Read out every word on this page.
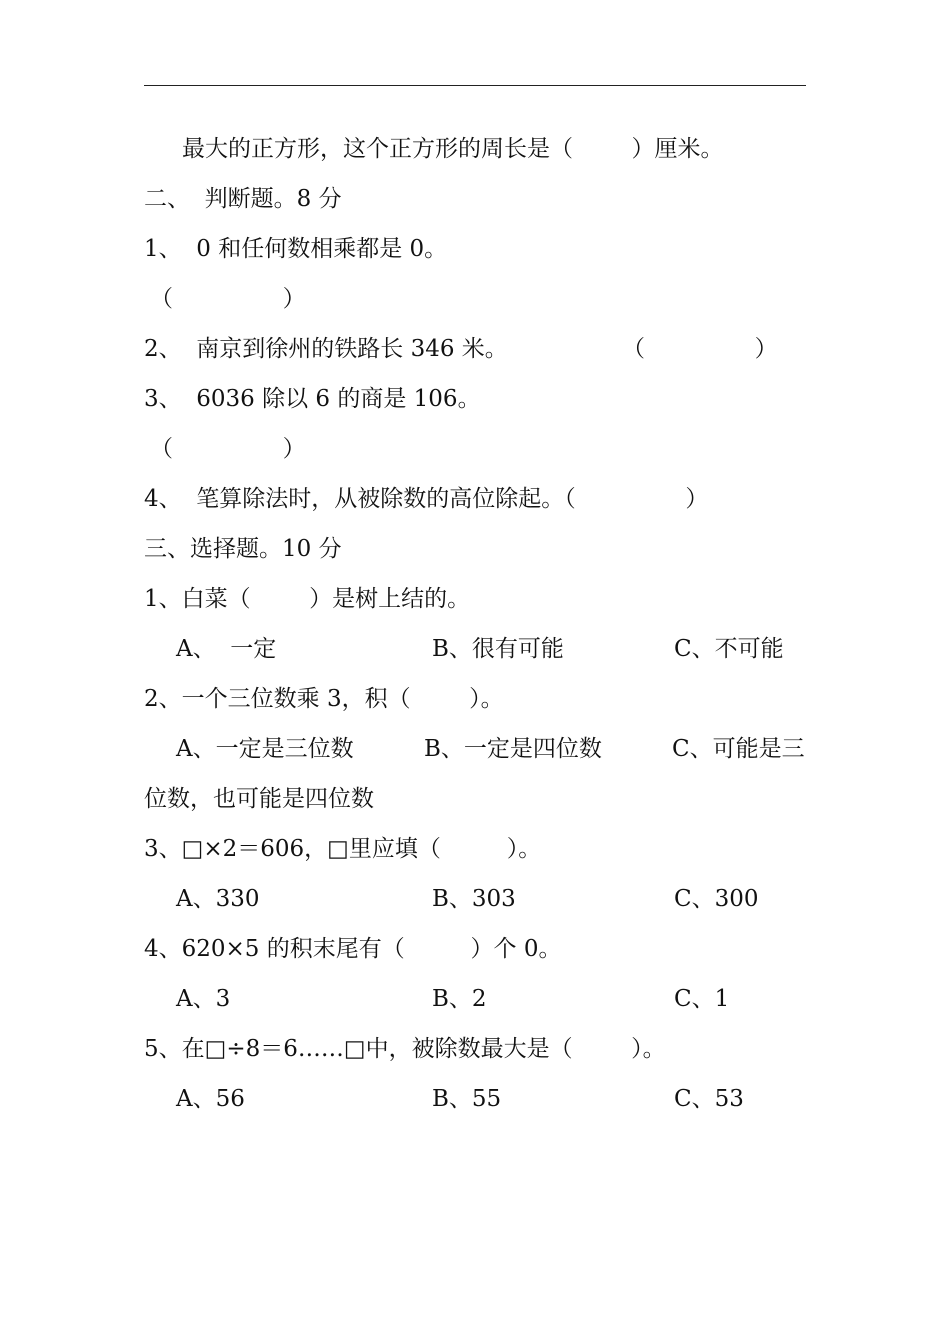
最大的正方形，这个正方形的周长是（        ）厘米。
二、  判断题。8 分
1、  0 和任何数相乘都是 0。
（               ）
2、  南京到徐州的铁路长 346 米。	（               ）
3、  6036 除以 6 的商是 106。
（               ）
4、  笔算除法时，从被除数的高位除起。（               ）
三、选择题。10 分
1、白菜（        ）是树上结的。
A、  一定	B、很有可能	C、不可能
2、一个三位数乘 3，积（        ）。
A、一定是三位数	B、一定是四位数	C、可能是三
位数，也可能是四位数
3、□×2＝606，□里应填（         ）。
A、330	B、303	C、300
4、620×5 的积末尾有（         ）个 0。
A、3	B、2	C、1
5、在□÷8＝6……□中，被除数最大是（        ）。
A、56	B、55	C、53
